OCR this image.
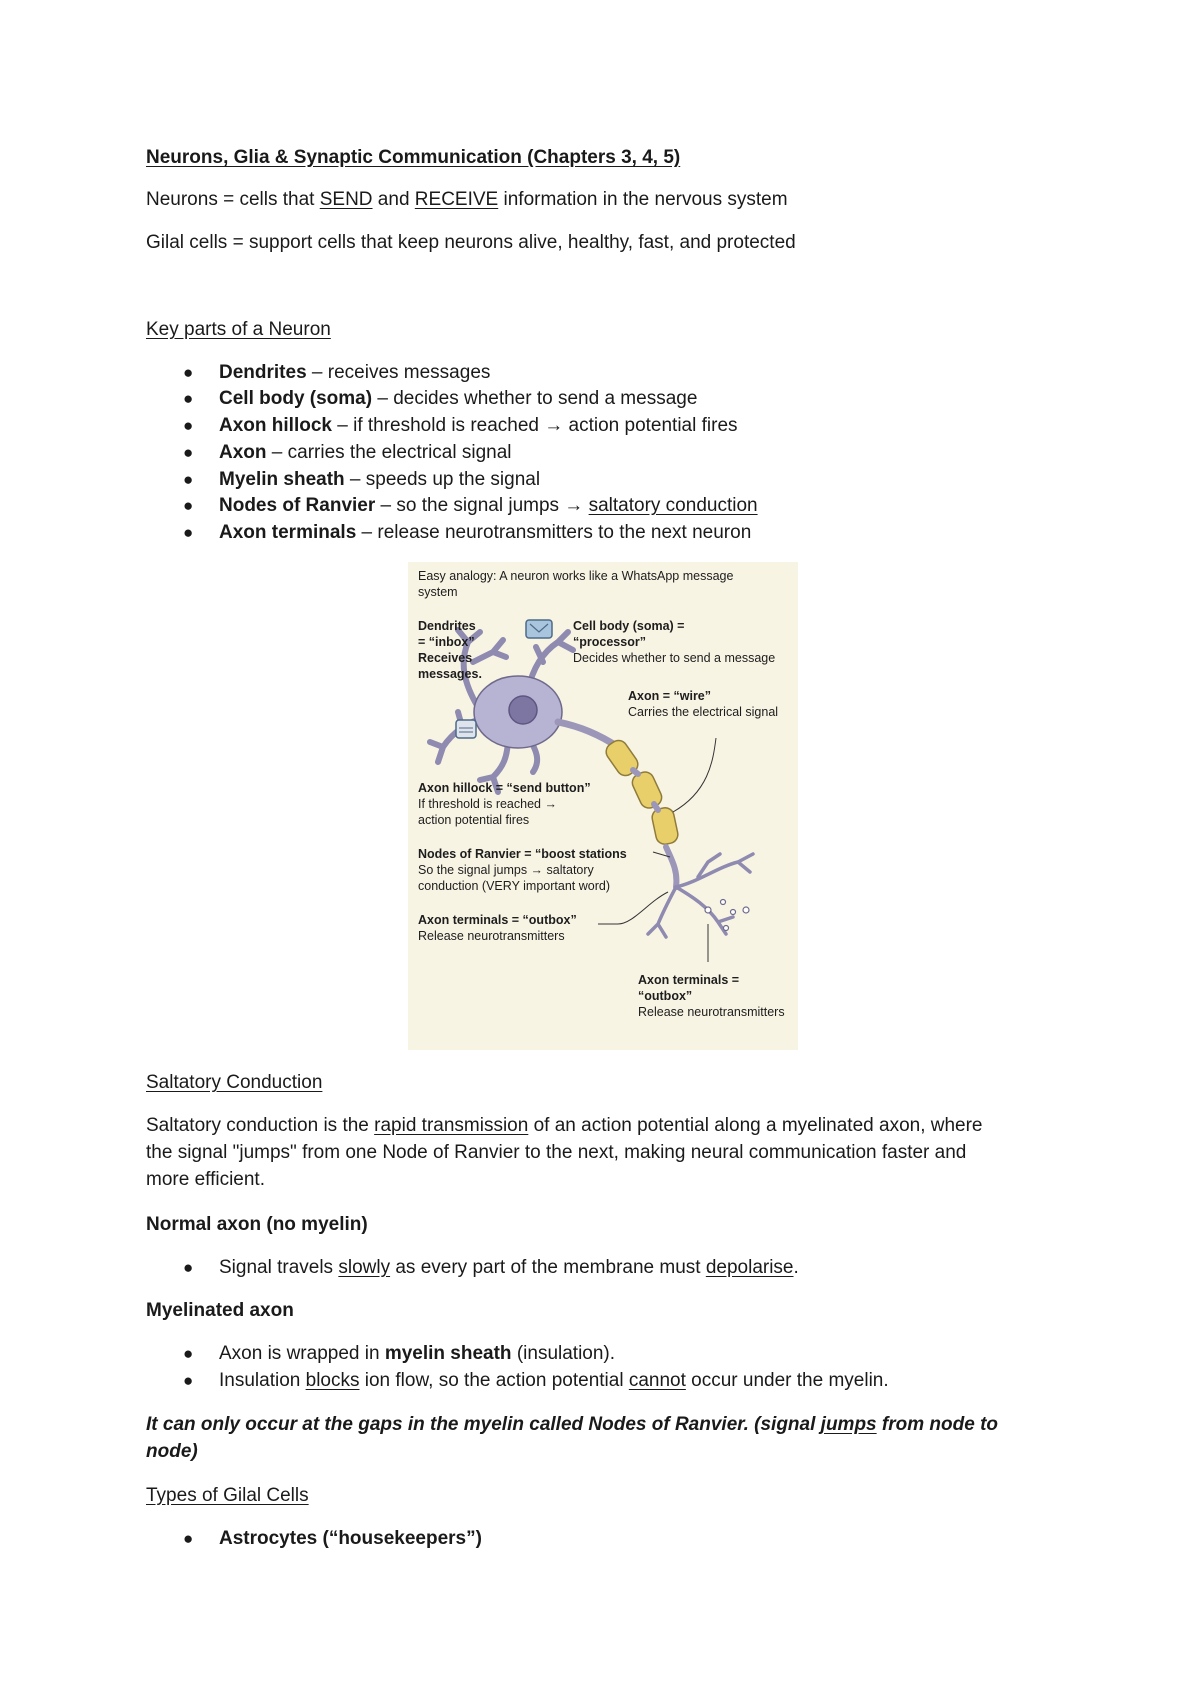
Neurons, Glia & Synaptic Communication (Chapters 3, 4, 5)
Neurons = cells that SEND and RECEIVE information in the nervous system
Gilal cells = support cells that keep neurons alive, healthy, fast, and protected
Key parts of a Neuron
● Dendrites – receives messages
● Cell body (soma) – decides whether to send a message
● Axon hillock – if threshold is reached → action potential fires
● Axon – carries the electrical signal
● Myelin sheath – speeds up the signal
● Nodes of Ranvier – so the signal jumps → saltatory conduction
● Axon terminals – release neurotransmitters to the next neuron
Easy analogy: A neuron works like a WhatsApp message
system
Dendrites
= “inbox”
Receives
messages.
Cell body (soma) =
“processor”
Decides whether to send a message
Axon = “wire”
Carries the electrical signal
Axon hillock = “send button”
If threshold is reached →
action potential fires
Nodes of Ranvier = “boost stations
So the signal jumps → saltatory
conduction (VERY important word)
Axon terminals = “outbox”
Release neurotransmitters
Axon terminals =
“outbox”
Release neurotransmitters
Saltatory Conduction
Saltatory conduction is the rapid transmission of an action potential along a myelinated axon, where
the signal "jumps" from one Node of Ranvier to the next, making neural communication faster and
more efficient.
Normal axon (no myelin)
● Signal travels slowly as every part of the membrane must depolarise.
Myelinated axon
● Axon is wrapped in myelin sheath (insulation).
● Insulation blocks ion flow, so the action potential cannot occur under the myelin.
It can only occur at the gaps in the myelin called Nodes of Ranvier. (signal jumps from node to
node)
Types of Gilal Cells
● Astrocytes (“housekeepers”)
